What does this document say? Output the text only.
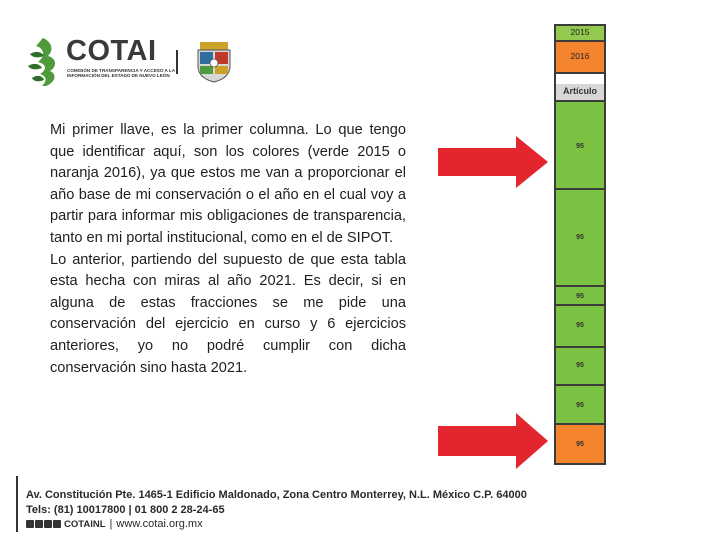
COTAI
COMISIÓN DE TRANSPARENCIA Y ACCESO A LA INFORMACIÓN DEL ESTADO DE NUEVO LEÓN

Mi primer llave, es la primer columna. Lo que tengo que identificar aquí, son los colores (verde 2015 o naranja 2016), ya que estos me van a proporcionar el año base de mi conservación o el año en el cual voy a partir para informar mis obligaciones de transparencia, tanto en mi portal institucional, como en el de SIPOT.

Lo anterior, partiendo del supuesto de que esta tabla esta hecha con miras al año 2021. Es decir, si en alguna de estas fracciones se me pide una conservación del ejercicio en curso y 6 ejercicios anteriores, yo no podré cumplir con dicha conservación sino hasta 2021.

2015
2016
Artículo
95
95
95
95
95
95
95
Av. Constitución Pte. 1465-1 Edificio Maldonado, Zona Centro Monterrey, N.L. México C.P. 64000
Tels: (81) 10017800 | 01 800 2 28-24-65
COTAINL | www.cotai.org.mx
